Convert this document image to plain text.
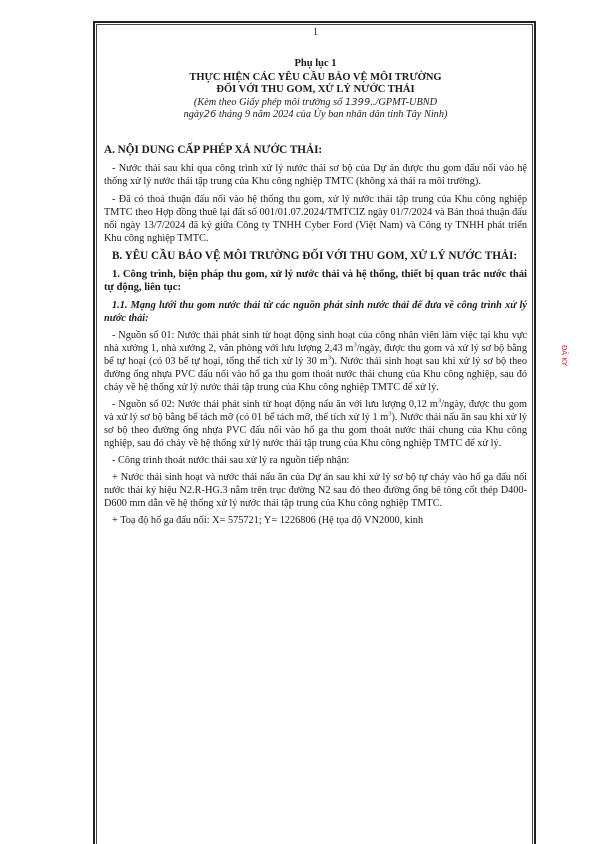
1
Phụ lục 1
THỰC HIỆN CÁC YÊU CẦU BẢO VỆ MÔI TRƯỜNG
ĐỐI VỚI THU GOM, XỬ LÝ NƯỚC THẢI
(Kèm theo Giấy phép môi trường số 1399../GPMT-UBND
ngày26 tháng 9 năm 2024 của Ủy ban nhân dân tỉnh Tây Ninh)
A. NỘI DUNG CẤP PHÉP XẢ NƯỚC THẢI:
- Nước thải sau khi qua công trình xử lý nước thải sơ bộ của Dự án được thu gom đấu nối vào hệ thống xử lý nước thải tập trung của Khu công nghiệp TMTC (không xả thải ra môi trường).
- Đã có thoả thuận đấu nối vào hệ thống thu gom, xử lý nước thải tập trung của Khu công nghiệp TMTC theo Hợp đồng thuê lại đất số 001/01.07.2024/TMTCIZ ngày 01/7/2024 và Bản thoả thuận đấu nối ngày 13/7/2024 đã ký giữa Công ty TNHH Cyber Ford (Việt Nam) và Công ty TNHH phát triển Khu công nghiệp TMTC.
B. YÊU CẦU BẢO VỆ MÔI TRƯỜNG ĐỐI VỚI THU GOM, XỬ LÝ NƯỚC THẢI:
1. Công trình, biện pháp thu gom, xử lý nước thải và hệ thống, thiết bị quan trắc nước thải tự động, liên tục:
1.1. Mạng lưới thu gom nước thải từ các nguồn phát sinh nước thải để đưa về công trình xử lý nước thải:
- Nguồn số 01: Nước thải phát sinh từ hoạt động sinh hoạt của công nhân viên làm việc tại khu vực nhà xưởng 1, nhà xưởng 2, văn phòng với lưu lượng 2,43 $m^3$/ngày, được thu gom và xử lý sơ bộ bằng bể tự hoại (có 03 bể tự hoại, tổng thể tích xử lý 30 $m^3$). Nước thải sinh hoạt sau khi xử lý sơ bộ theo đường ống nhựa PVC đấu nối vào hố ga thu gom thoát nước thải chung của Khu công nghiệp, sau đó chảy về hệ thống xử lý nước thải tập trung của Khu công nghiệp TMTC để xử lý.
- Nguồn số 02: Nước thải phát sinh từ hoạt động nấu ăn với lưu lượng 0,12 $m^3$/ngày, được thu gom và xử lý sơ bộ bằng bể tách mỡ (có 01 bể tách mỡ, thể tích xử lý 1 $m^3$). Nước thải nấu ăn sau khi xử lý sơ bộ theo đường ống nhựa PVC đấu nối vào hố ga thu gom thoát nước thải chung của Khu công nghiệp, sau đó chảy về hệ thống xử lý nước thải tập trung của Khu công nghiệp TMTC để xử lý.
- Công trình thoát nước thải sau xử lý ra nguồn tiếp nhận:
+ Nước thải sinh hoạt và nước thải nấu ăn của Dự án sau khi xử lý sơ bộ tự chảy vào hố ga đấu nối nước thải ký hiệu N2.R-HG.3 nằm trên trục đường N2 sau đó theo đường ống bê tông cốt thép D400-D600 mm dẫn về hệ thống xử lý nước thải tập trung của Khu công nghiệp TMTC.
+ Toạ độ hố ga đấu nối: X= 575721; Y= 1226806 (Hệ tọa độ VN2000, kinh
ĐÃ KÝ
